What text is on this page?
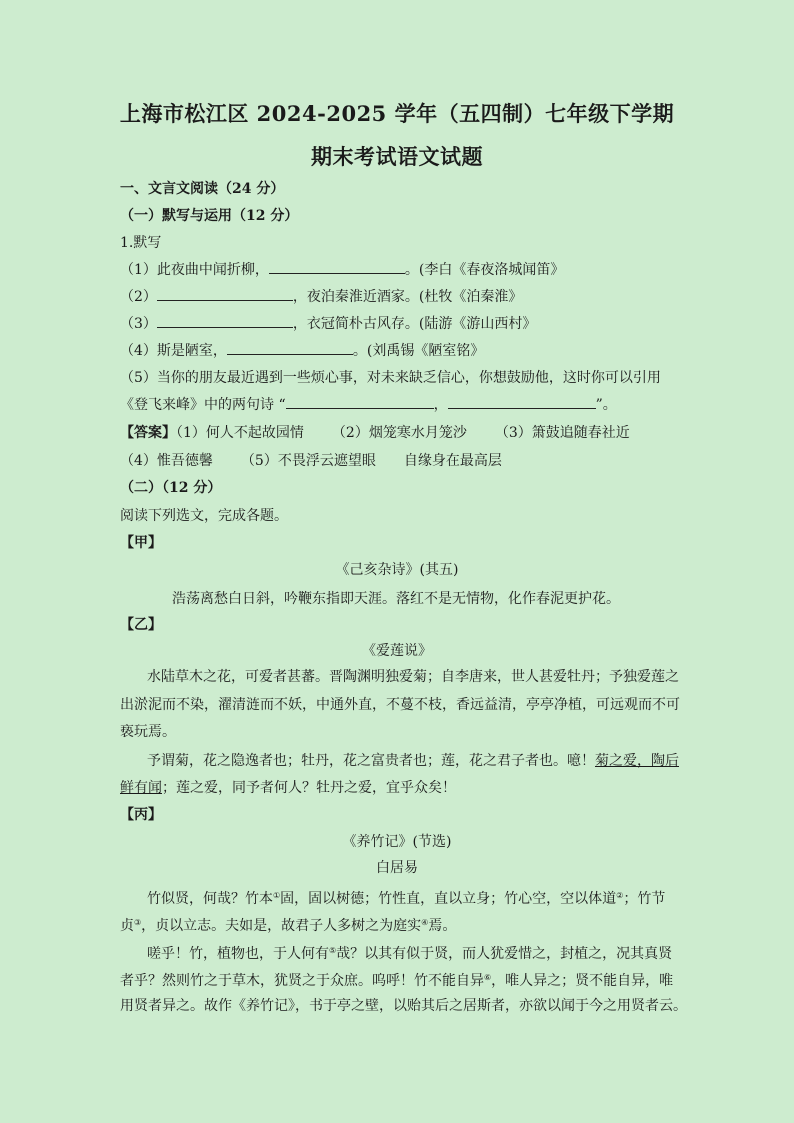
上海市松江区 2024-2025 学年（五四制）七年级下学期
期末考试语文试题
一、文言文阅读（24 分）
（一）默写与运用（12 分）
1.默写
（1）此夜曲中闻折柳，	。(李白《春夜洛城闻笛》
（2）	，夜泊秦淮近酒家。(杜牧《泊秦淮》
（3）	，衣冠简朴古风存。(陆游《游山西村》
（4）斯是陋室，	。(刘禹锡《陋室铭》
（5）当你的朋友最近遇到一些烦心事，对未来缺乏信心，你想鼓励他，这时你可以引用
《登飞来峰》中的两句诗 “	，	”。
【答案】（1）何人不起故园情 （2）烟笼寒水月笼沙 （3）箫鼓追随春社近
（4）惟吾德馨 （5）不畏浮云遮望眼 自缘身在最高层
（二）（12 分）
阅读下列选文，完成各题。
【甲】
《己亥杂诗》(其五)
浩荡离愁白日斜，吟鞭东指即天涯。落红不是无情物，化作春泥更护花。
【乙】
《爱莲说》
水陆草木之花，可爱者甚蕃。晋陶渊明独爱菊；自李唐来，世人甚爱牡丹；予独爱莲之
出淤泥而不染，濯清涟而不妖，中通外直，不蔓不枝，香远益清，亭亭净植，可远观而不可
亵玩焉。
予谓菊，花之隐逸者也；牡丹，花之富贵者也；莲，花之君子者也。噫！菊之爱，陶后
鲜有闻；莲之爱，同予者何人？牡丹之爱，宜乎众矣！
【丙】
《养竹记》(节选)
白居易
竹似贤，何哉？竹本①固，固以树德；竹性直，直以立身；竹心空，空以体道②；竹节
贞③，贞以立志。夫如是，故君子人多树之为庭实④焉。
嗟乎！竹，植物也，于人何有⑤哉？以其有似于贤，而人犹爱惜之，封植之，况其真贤
者乎？然则竹之于草木，犹贤之于众庶。呜呼！竹不能自异⑥，唯人异之；贤不能自异，唯
用贤者异之。故作《养竹记》，书于亭之壁，以贻其后之居斯者，亦欲以闻于今之用贤者云。
